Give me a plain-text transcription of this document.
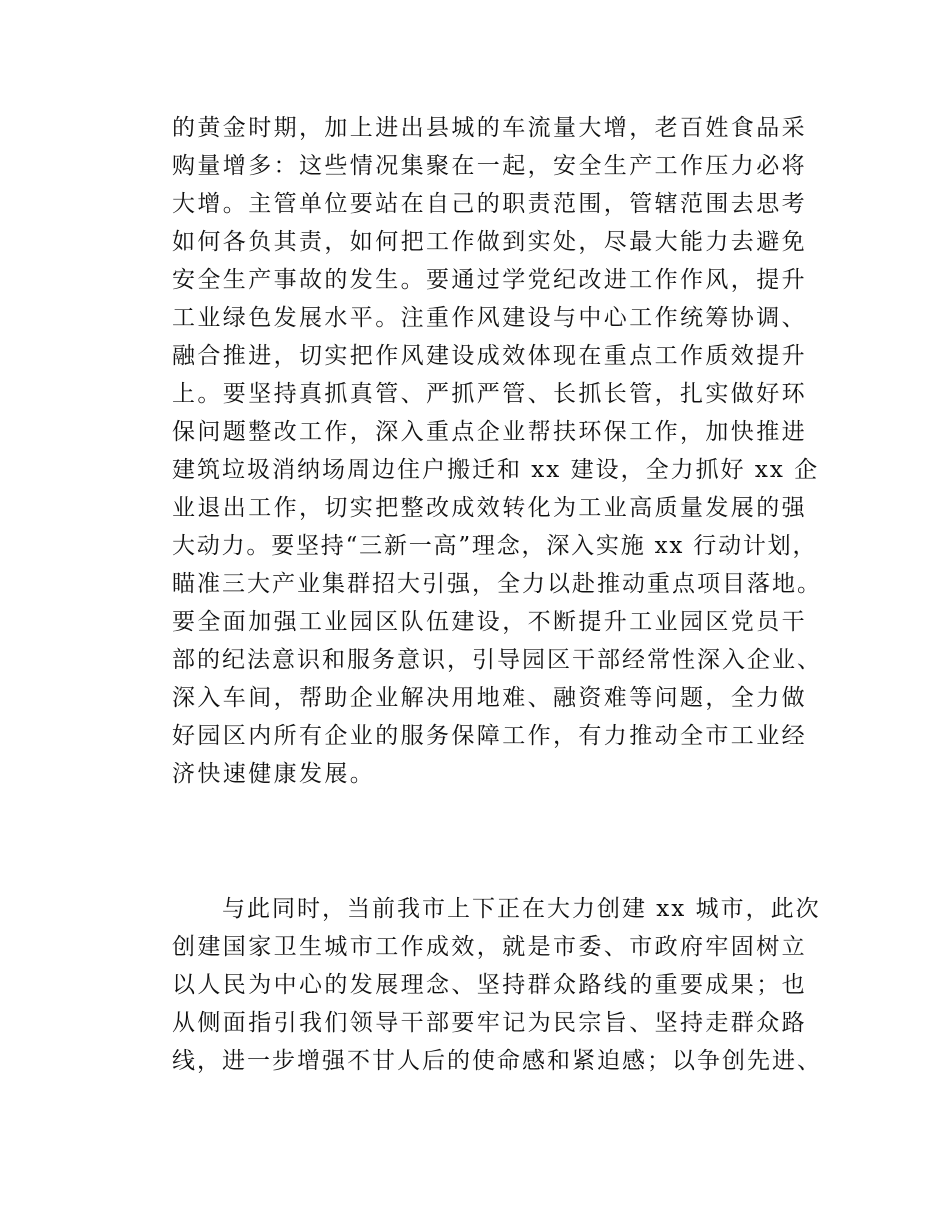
的黄金时期，加上进出县城的车流量大增，老百姓食品采
购量增多：这些情况集聚在一起，安全生产工作压力必将
大增。主管单位要站在自己的职责范围，管辖范围去思考
如何各负其责，如何把工作做到实处，尽最大能力去避免
安全生产事故的发生。要通过学党纪改进工作作风，提升
工业绿色发展水平。注重作风建设与中心工作统筹协调、
融合推进，切实把作风建设成效体现在重点工作质效提升
上。要坚持真抓真管、严抓严管、长抓长管，扎实做好环
保问题整改工作，深入重点企业帮扶环保工作，加快推进
建筑垃圾消纳场周边住户搬迁和 xx 建设，全力抓好 xx 企
业退出工作，切实把整改成效转化为工业高质量发展的强
大动力。要坚持“三新一高”理念，深入实施 xx 行动计划，
瞄准三大产业集群招大引强，全力以赴推动重点项目落地。
要全面加强工业园区队伍建设，不断提升工业园区党员干
部的纪法意识和服务意识，引导园区干部经常性深入企业、
深入车间，帮助企业解决用地难、融资难等问题，全力做
好园区内所有企业的服务保障工作，有力推动全市工业经
济快速健康发展。
　　与此同时，当前我市上下正在大力创建 xx 城市，此次
创建国家卫生城市工作成效，就是市委、市政府牢固树立
以人民为中心的发展理念、坚持群众路线的重要成果；也
从侧面指引我们领导干部要牢记为民宗旨、坚持走群众路
线，进一步增强不甘人后的使命感和紧迫感；以争创先进、
